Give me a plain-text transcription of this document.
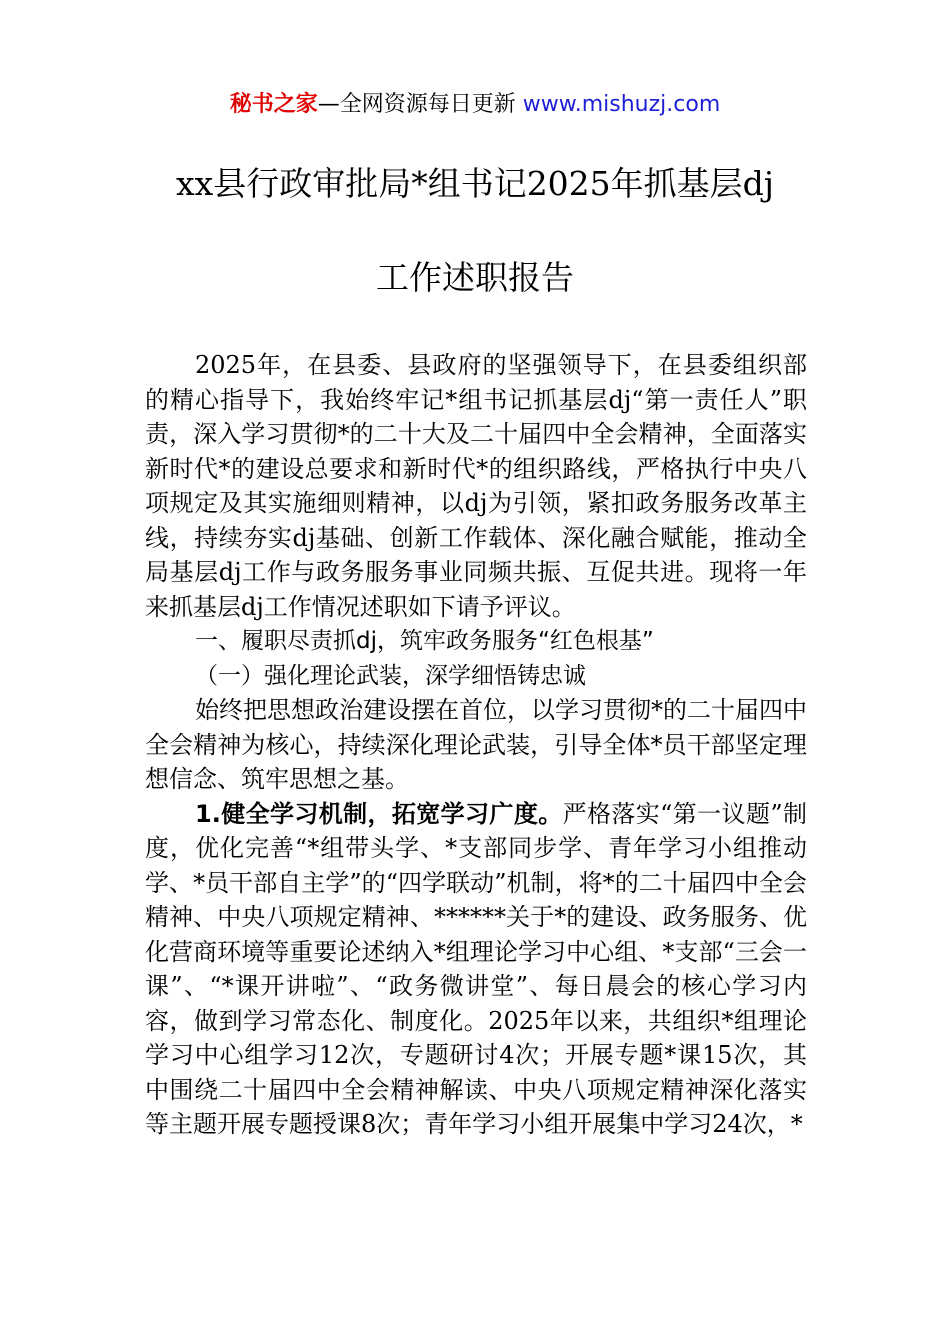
秘书之家—全网资源每日更新 www.mishuzj.com
xx县行政审批局*组书记2025年抓基层dj
工作述职报告

2025年，在县委、县政府的坚强领导下，在县委组织部的精心指导下，我始终牢记*组书记抓基层dj“第一责任人”职责，深入学习贯彻*的二十大及二十届四中全会精神，全面落实新时代*的建设总要求和新时代*的组织路线，严格执行中央八项规定及其实施细则精神，以dj为引领，紧扣政务服务改革主线，持续夯实dj基础、创新工作载体、深化融合赋能，推动全局基层dj工作与政务服务事业同频共振、互促共进。现将一年来抓基层dj工作情况述职如下请予评议。

一、履职尽责抓dj，筑牢政务服务“红色根基”

（一）强化理论武装，深学细悟铸忠诚

始终把思想政治建设摆在首位，以学习贯彻*的二十届四中全会精神为核心，持续深化理论武装，引导全体*员干部坚定理想信念、筑牢思想之基。

1.健全学习机制，拓宽学习广度。严格落实“第一议题”制度，优化完善“*组带头学、*支部同步学、青年学习小组推动学、*员干部自主学”的“四学联动”机制，将*的二十届四中全会精神、中央八项规定精神、******关于*的建设、政务服务、优化营商环境等重要论述纳入*组理论学习中心组、*支部“三会一课”、“*课开讲啦”、“政务微讲堂”、每日晨会的核心学习内容，做到学习常态化、制度化。2025年以来，共组织*组理论学习中心组学习12次，专题研讨4次；开展专题*课15次，其中围绕二十届四中全会精神解读、中央八项规定精神深化落实等主题开展专题授课8次；青年学习小组开展集中学习24次，*
